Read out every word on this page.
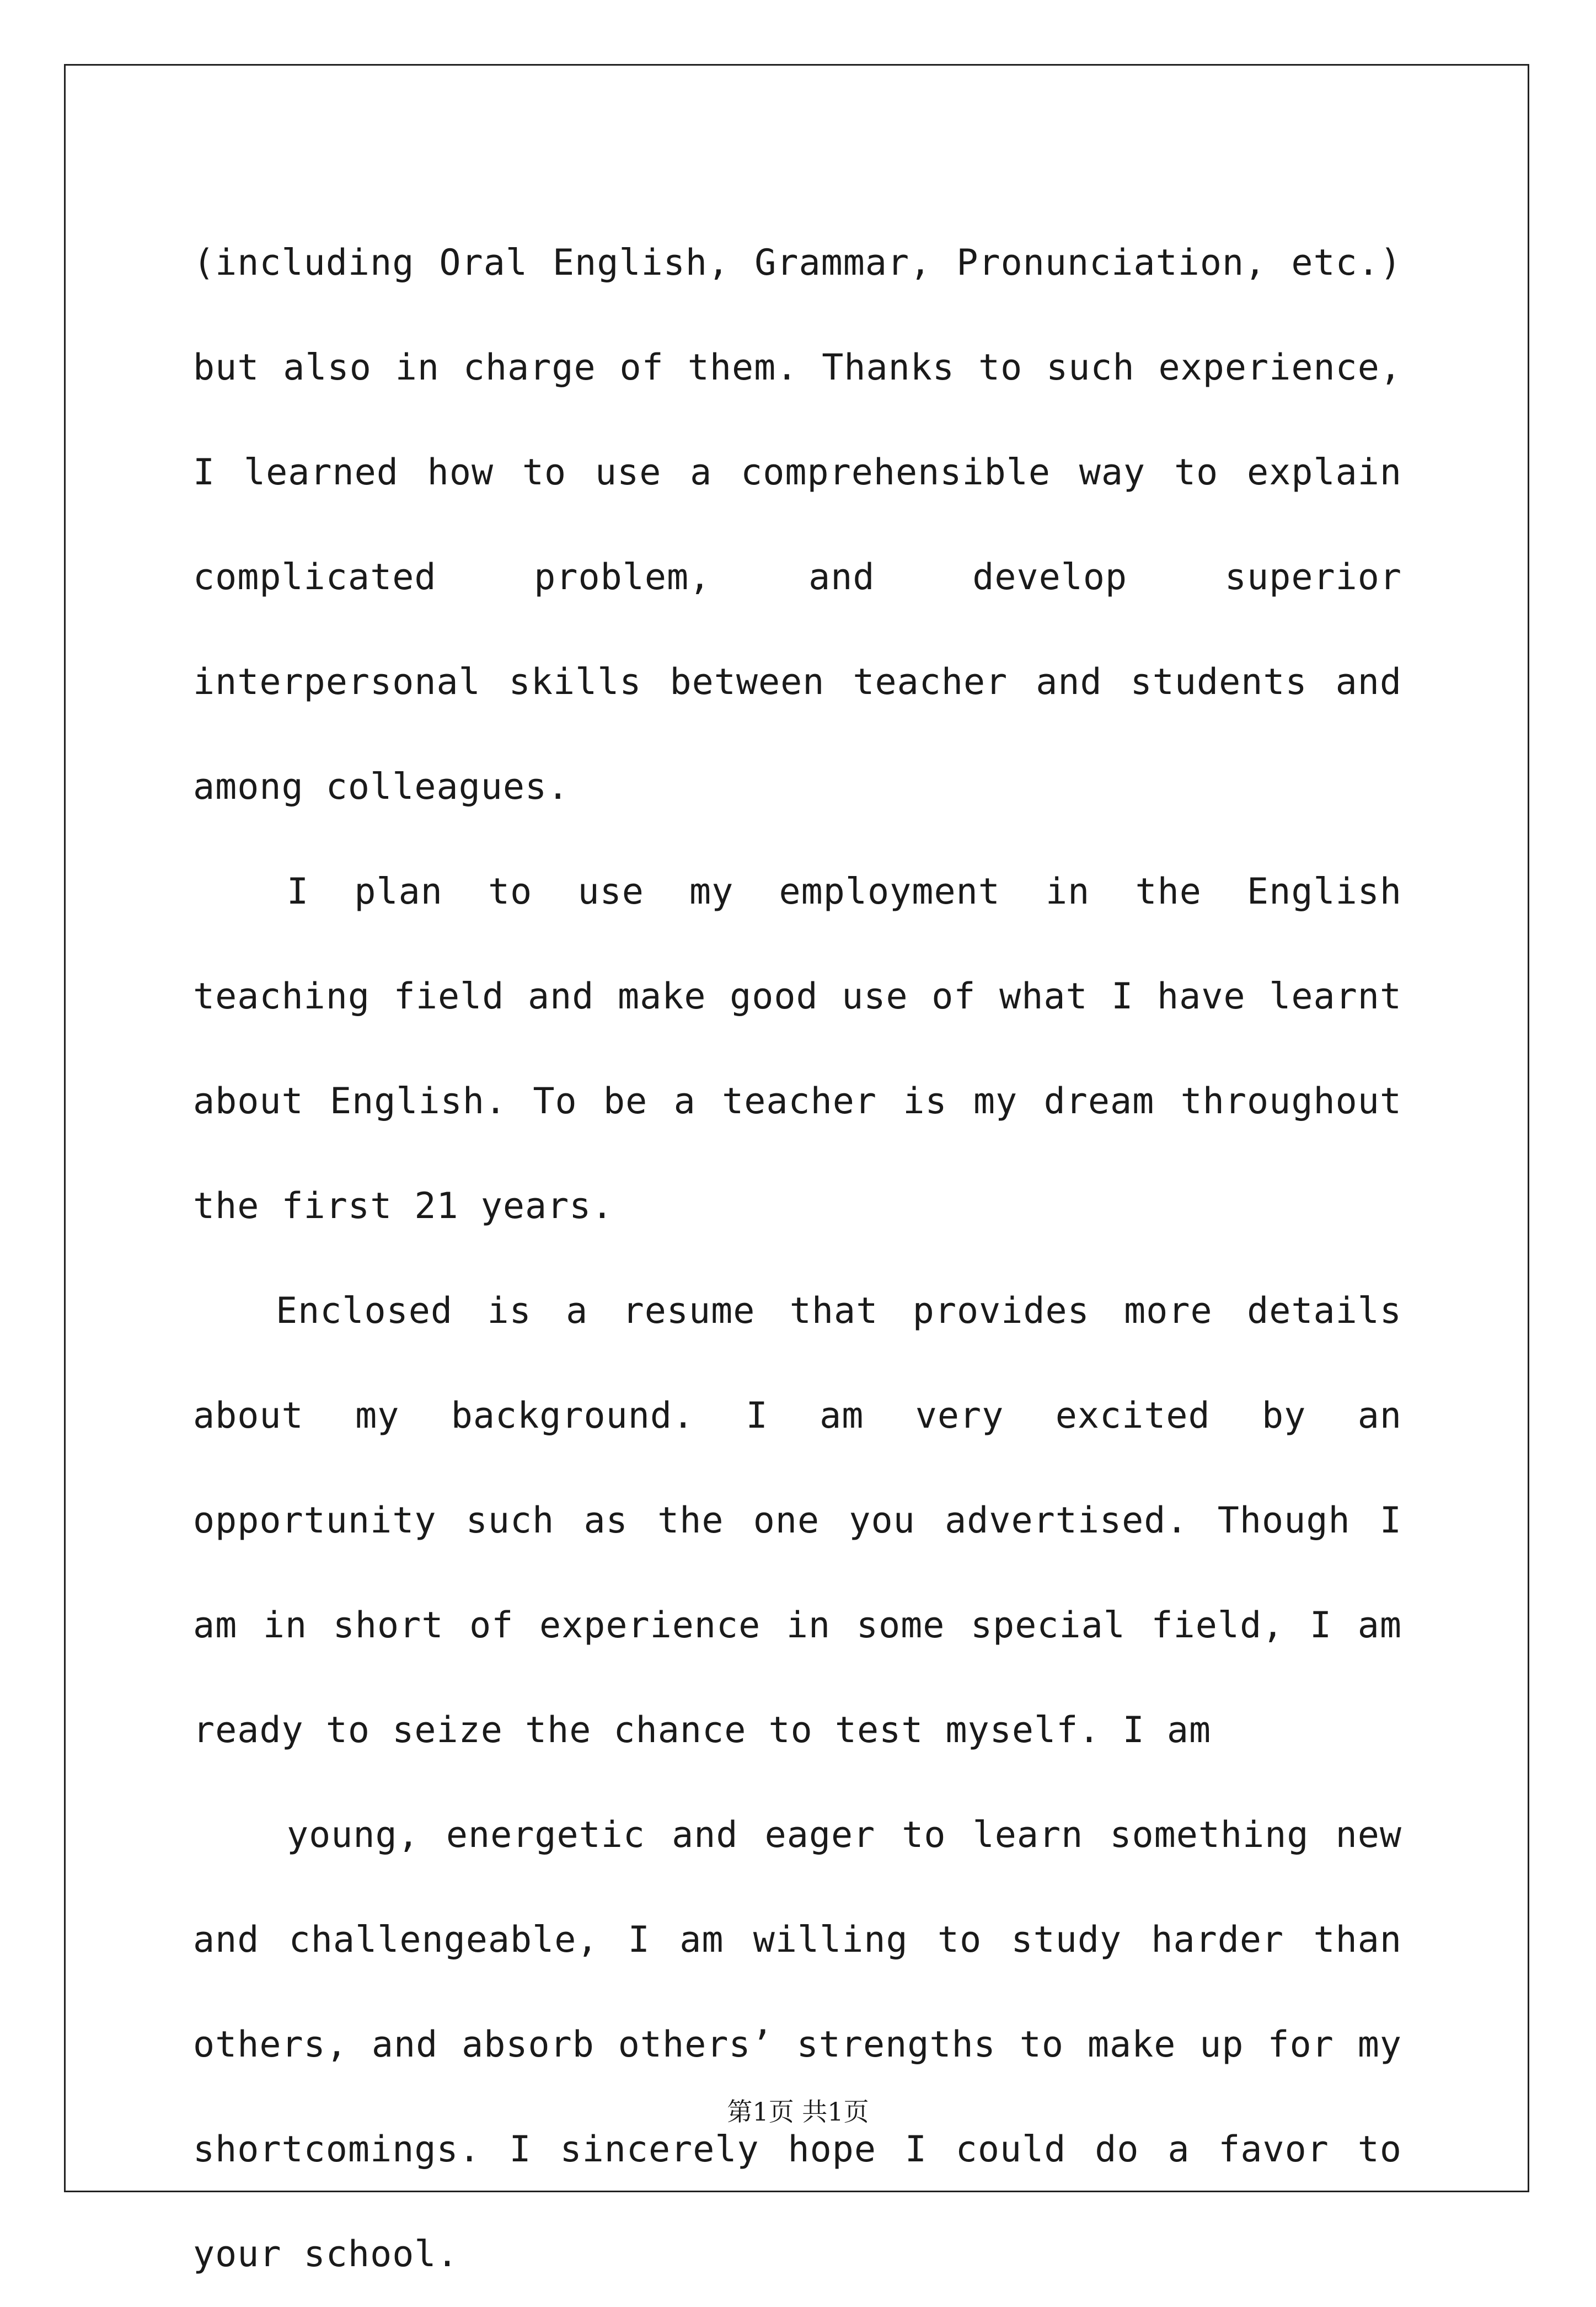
(including Oral English, Grammar, Pronunciation, etc.) but also in charge of them. Thanks to such experience, I learned how to use a comprehensible way to explain complicated problem, and develop superior interpersonal skills between teacher and students and among colleagues.

I plan to use my employment in the English teaching field and make good use of what I have learnt about English. To be a teacher is my dream throughout the first 21 years.

Enclosed is a resume that provides more details about my background. I am very excited by an opportunity such as the one you advertised. Though I am in short of experience in some special field, I am ready to seize the chance to test myself. I am

young, energetic and eager to learn something new and challengeable, I am willing to study harder than others, and absorb others’ strengths to make up for my shortcomings. I sincerely hope I could do a favor to your school.

第1页 共1页
